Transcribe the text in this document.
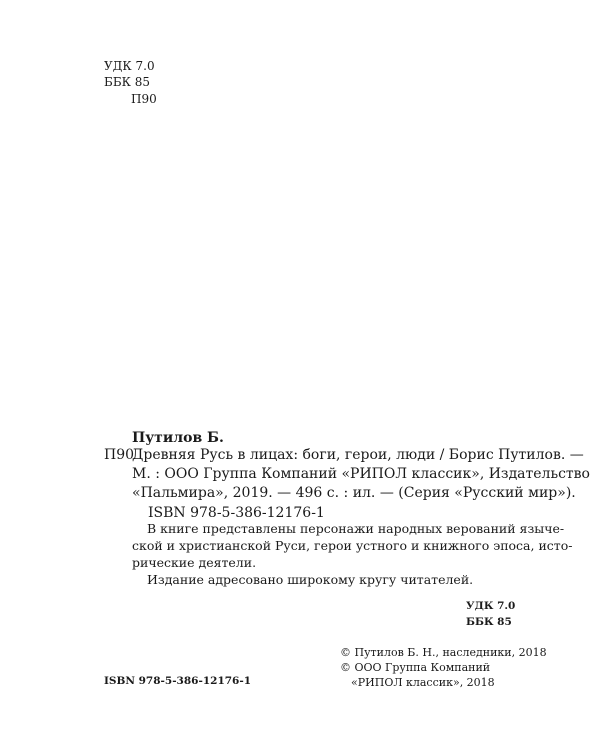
УДК 7.0
ББК 85
П90
Путилов Б.
П90
Древняя Русь в лицах: боги, герои, люди / Борис Путилов. —
М. : ООО Группа Компаний «РИПОЛ классик», Издательство
«Пальмира», 2019. — 496 с. : ил. — (Серия «Русский мир»).
ISBN 978-5-386-12176-1
В книге представлены персонажи народных верований языче-
ской и христианской Руси, герои устного и книжного эпоса, исто-
рические деятели.
Издание адресовано широкому кругу читателей.
УДК 7.0
ББК 85
© Путилов Б. Н., наследники, 2018
© ООО Группа Компаний
«РИПОЛ классик», 2018
ISBN 978-5-386-12176-1
